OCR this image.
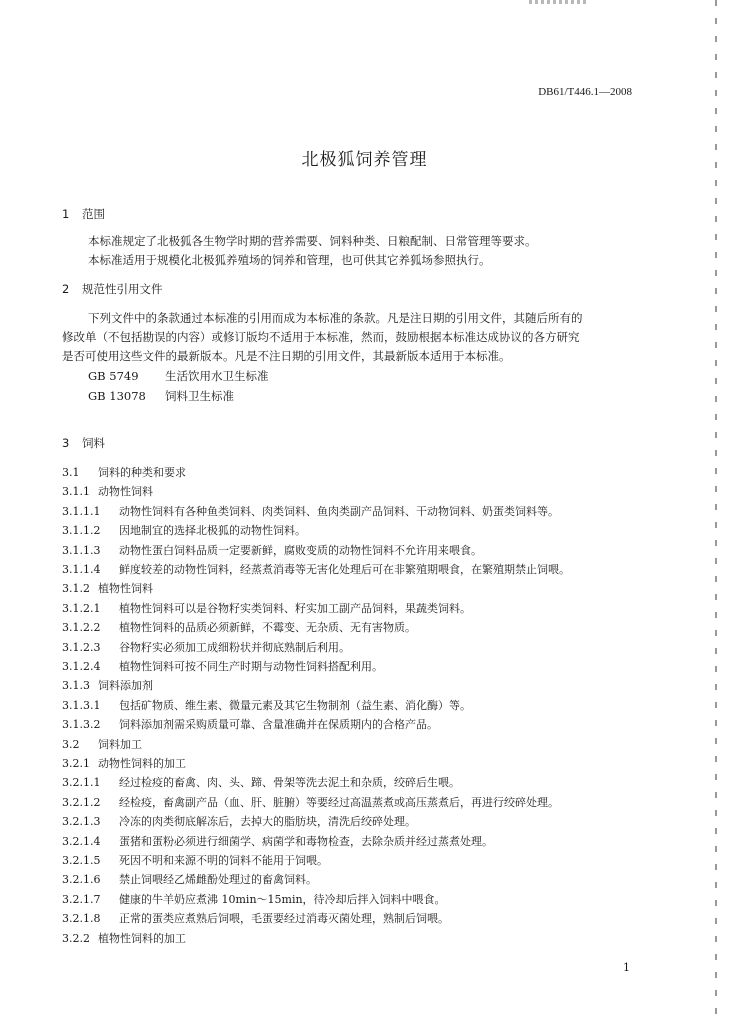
DB61/T446.1—2008
北极狐饲养管理
1 范围
本标准规定了北极狐各生物学时期的营养需要、饲料种类、日粮配制、日常管理等要求。
本标准适用于规模化北极狐养殖场的饲养和管理，也可供其它养狐场参照执行。
2 规范性引用文件
下列文件中的条款通过本标准的引用而成为本标准的条款。凡是注日期的引用文件，其随后所有的
修改单（不包括勘误的内容）或修订版均不适用于本标准，然而，鼓励根据本标准达成协议的各方研究
是否可使用这些文件的最新版本。凡是不注日期的引用文件，其最新版本适用于本标准。
GB 5749 生活饮用水卫生标准
GB 13078 饲料卫生标准
3 饲料
3.1 饲料的种类和要求
3.1.1 动物性饲料
3.1.1.1 动物性饲料有各种鱼类饲料、肉类饲料、鱼肉类副产品饲料、干动物饲料、奶蛋类饲料等。
3.1.1.2 因地制宜的选择北极狐的动物性饲料。
3.1.1.3 动物性蛋白饲料品质一定要新鲜，腐败变质的动物性饲料不允许用来喂食。
3.1.1.4 鲜度较差的动物性饲料，经蒸煮消毒等无害化处理后可在非繁殖期喂食，在繁殖期禁止饲喂。
3.1.2 植物性饲料
3.1.2.1 植物性饲料可以是谷物籽实类饲料、籽实加工副产品饲料，果蔬类饲料。
3.1.2.2 植物性饲料的品质必须新鲜，不霉变、无杂质、无有害物质。
3.1.2.3 谷物籽实必须加工成细粉状并彻底熟制后利用。
3.1.2.4 植物性饲料可按不同生产时期与动物性饲料搭配利用。
3.1.3 饲料添加剂
3.1.3.1 包括矿物质、维生素、微量元素及其它生物制剂（益生素、消化酶）等。
3.1.3.2 饲料添加剂需采购质量可靠、含量准确并在保质期内的合格产品。
3.2 饲料加工
3.2.1 动物性饲料的加工
3.2.1.1 经过检疫的畜禽、肉、头、蹄、骨架等洗去泥土和杂质，绞碎后生喂。
3.2.1.2 经检疫，畜禽副产品（血、肝、脏腑）等要经过高温蒸煮或高压蒸煮后，再进行绞碎处理。
3.2.1.3 冷冻的肉类彻底解冻后，去掉大的脂肪块，清洗后绞碎处理。
3.2.1.4 蛋猪和蛋粉必须进行细菌学、病菌学和毒物检查，去除杂质并经过蒸煮处理。
3.2.1.5 死因不明和来源不明的饲料不能用于饲喂。
3.2.1.6 禁止饲喂经乙烯雌酚处理过的畜禽饲料。
3.2.1.7 健康的牛羊奶应煮沸 10min～15min，待冷却后拌入饲料中喂食。
3.2.1.8 正常的蛋类应煮熟后饲喂，毛蛋要经过消毒灭菌处理，熟制后饲喂。
3.2.2 植物性饲料的加工
1
